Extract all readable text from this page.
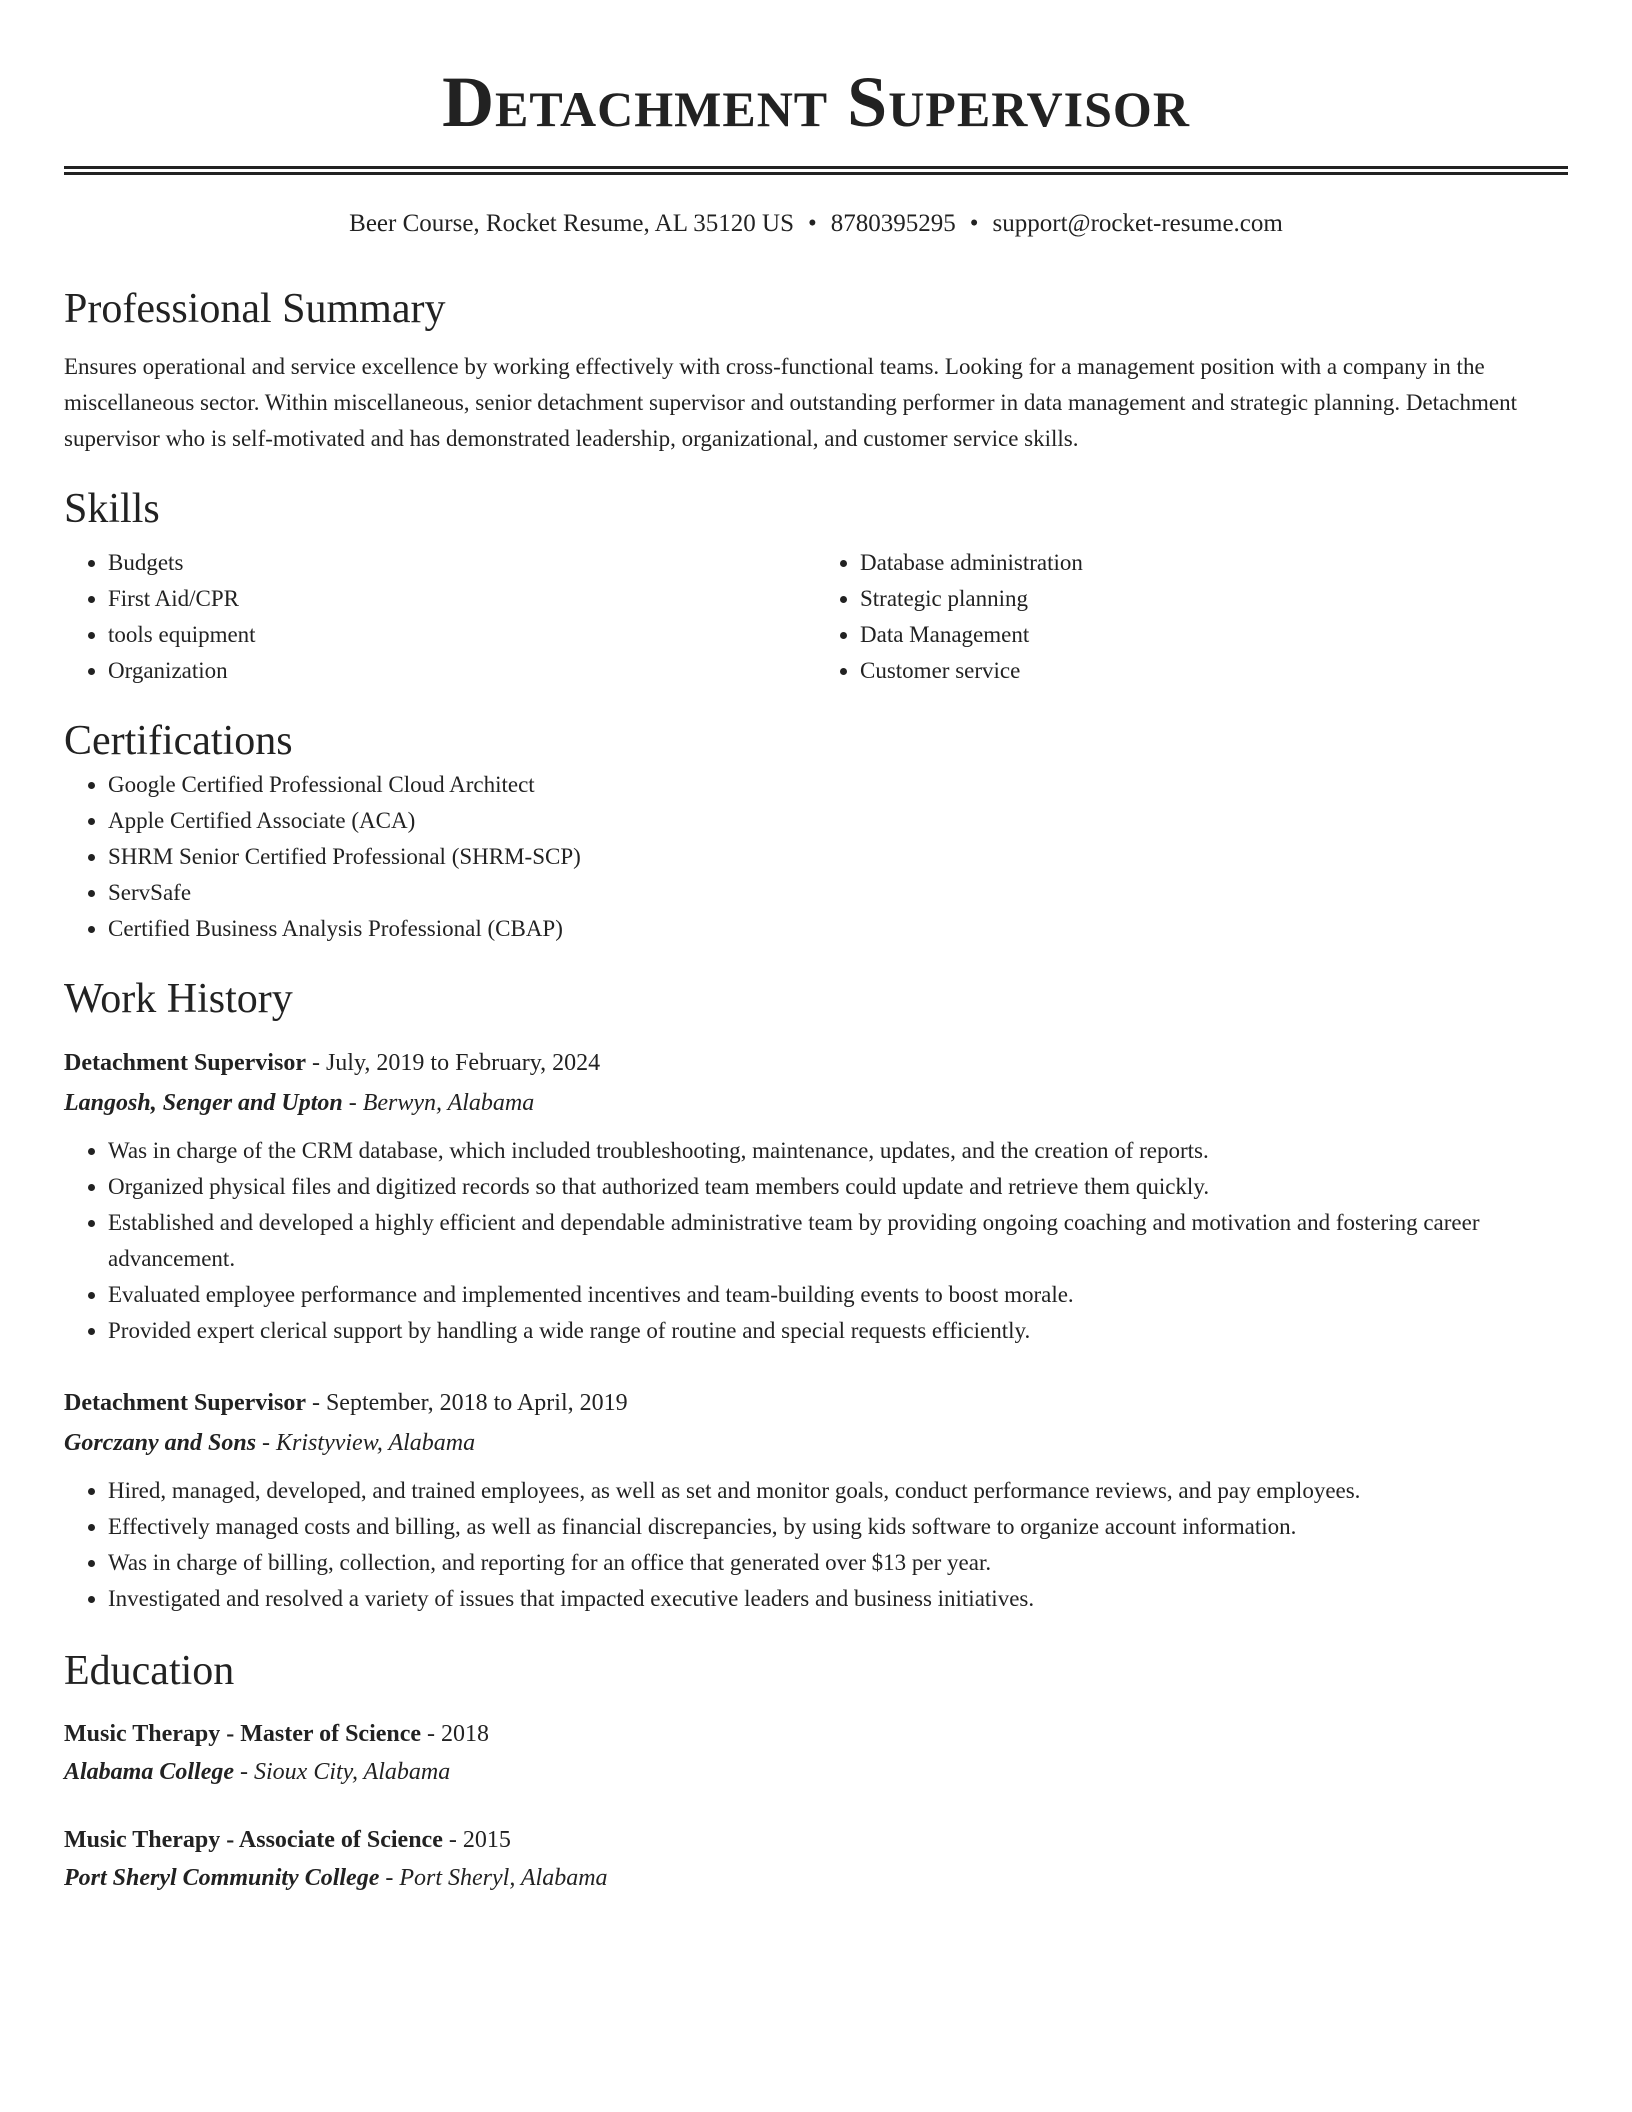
Detachment Supervisor
Beer Course, Rocket Resume, AL 35120 US • 8780395295 • support@rocket-resume.com
Professional Summary

Ensures operational and service excellence by working effectively with cross-functional teams. Looking for a management position with a company in the miscellaneous sector. Within miscellaneous, senior detachment supervisor and outstanding performer in data management and strategic planning. Detachment supervisor who is self-motivated and has demonstrated leadership, organizational, and customer service skills.

Skills
• Budgets
• First Aid/CPR
• tools equipment
• Organization
• Database administration
• Strategic planning
• Data Management
• Customer service
Certifications
• Google Certified Professional Cloud Architect
• Apple Certified Associate (ACA)
• SHRM Senior Certified Professional (SHRM-SCP)
• ServSafe
• Certified Business Analysis Professional (CBAP)
Work History
Detachment Supervisor - July, 2019 to February, 2024
Langosh, Senger and Upton - Berwyn, Alabama
• Was in charge of the CRM database, which included troubleshooting, maintenance, updates, and the creation of reports.
• Organized physical files and digitized records so that authorized team members could update and retrieve them quickly.
• Established and developed a highly efficient and dependable administrative team by providing ongoing coaching and motivation and fostering career advancement.
• Evaluated employee performance and implemented incentives and team-building events to boost morale.
• Provided expert clerical support by handling a wide range of routine and special requests efficiently.
Detachment Supervisor - September, 2018 to April, 2019
Gorczany and Sons - Kristyview, Alabama
• Hired, managed, developed, and trained employees, as well as set and monitor goals, conduct performance reviews, and pay employees.
• Effectively managed costs and billing, as well as financial discrepancies, by using kids software to organize account information.
• Was in charge of billing, collection, and reporting for an office that generated over $13 per year.
• Investigated and resolved a variety of issues that impacted executive leaders and business initiatives.
Education
Music Therapy - Master of Science - 2018
Alabama College - Sioux City, Alabama
Music Therapy - Associate of Science - 2015
Port Sheryl Community College - Port Sheryl, Alabama
